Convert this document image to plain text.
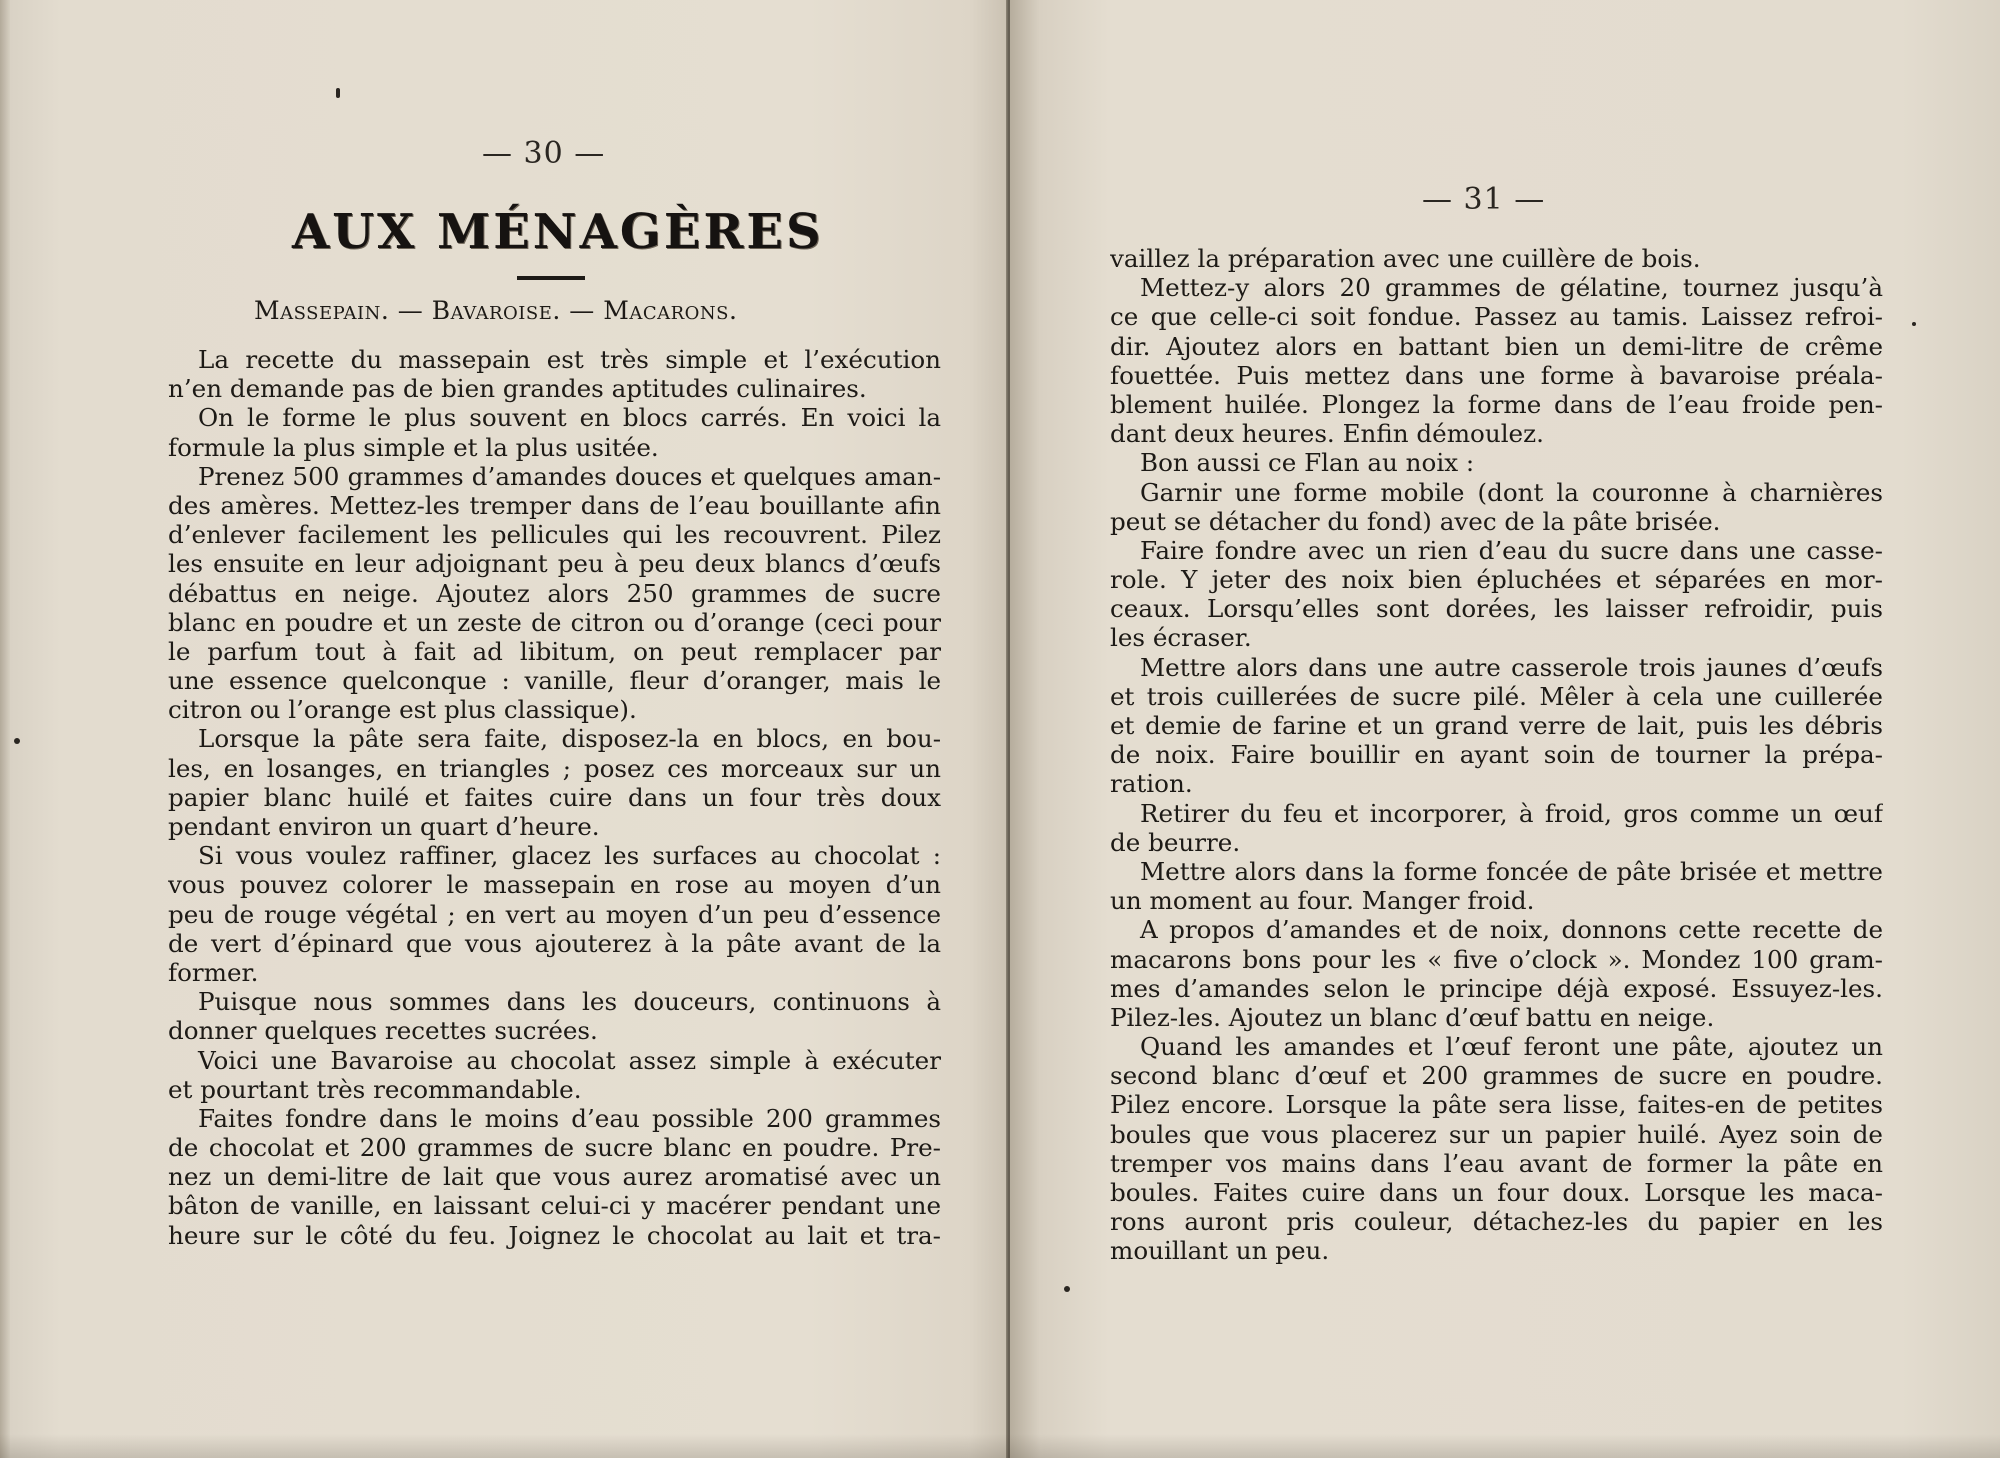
— 30 —
AUX MÉNAGÈRES
Massepain. — Bavaroise. — Macarons.
La recette du massepain est très simple et l’exécution
n’en demande pas de bien grandes aptitudes culinaires.
On le forme le plus souvent en blocs carrés. En voici la
formule la plus simple et la plus usitée.
Prenez 500 grammes d’amandes douces et quelques aman-
des amères. Mettez-les tremper dans de l’eau bouillante afin
d’enlever facilement les pellicules qui les recouvrent. Pilez
les ensuite en leur adjoignant peu à peu deux blancs d’œufs
débattus en neige. Ajoutez alors 250 grammes de sucre
blanc en poudre et un zeste de citron ou d’orange (ceci pour
le parfum tout à fait ad libitum, on peut remplacer par
une essence quelconque : vanille, fleur d’oranger, mais le
citron ou l’orange est plus classique).
Lorsque la pâte sera faite, disposez-la en blocs, en bou-
les, en losanges, en triangles ; posez ces morceaux sur un
papier blanc huilé et faites cuire dans un four très doux
pendant environ un quart d’heure.
Si vous voulez raffiner, glacez les surfaces au chocolat :
vous pouvez colorer le massepain en rose au moyen d’un
peu de rouge végétal ; en vert au moyen d’un peu d’essence
de vert d’épinard que vous ajouterez à la pâte avant de la
former.
Puisque nous sommes dans les douceurs, continuons à
donner quelques recettes sucrées.
Voici une Bavaroise au chocolat assez simple à exécuter
et pourtant très recommandable.
Faites fondre dans le moins d’eau possible 200 grammes
de chocolat et 200 grammes de sucre blanc en poudre. Pre-
nez un demi-litre de lait que vous aurez aromatisé avec un
bâton de vanille, en laissant celui-ci y macérer pendant une
heure sur le côté du feu. Joignez le chocolat au lait et tra-
— 31 —
vaillez la préparation avec une cuillère de bois.
Mettez-y alors 20 grammes de gélatine, tournez jusqu’à
ce que celle-ci soit fondue. Passez au tamis. Laissez refroi-
dir. Ajoutez alors en battant bien un demi-litre de crême
fouettée. Puis mettez dans une forme à bavaroise préala-
blement huilée. Plongez la forme dans de l’eau froide pen-
dant deux heures. Enfin démoulez.
Bon aussi ce Flan au noix :
Garnir une forme mobile (dont la couronne à charnières
peut se détacher du fond) avec de la pâte brisée.
Faire fondre avec un rien d’eau du sucre dans une casse-
role. Y jeter des noix bien épluchées et séparées en mor-
ceaux. Lorsqu’elles sont dorées, les laisser refroidir, puis
les écraser.
Mettre alors dans une autre casserole trois jaunes d’œufs
et trois cuillerées de sucre pilé. Mêler à cela une cuillerée
et demie de farine et un grand verre de lait, puis les débris
de noix. Faire bouillir en ayant soin de tourner la prépa-
ration.
Retirer du feu et incorporer, à froid, gros comme un œuf
de beurre.
Mettre alors dans la forme foncée de pâte brisée et mettre
un moment au four. Manger froid.
A propos d’amandes et de noix, donnons cette recette de
macarons bons pour les « five o’clock ». Mondez 100 gram-
mes d’amandes selon le principe déjà exposé. Essuyez-les.
Pilez-les. Ajoutez un blanc d’œuf battu en neige.
Quand les amandes et l’œuf feront une pâte, ajoutez un
second blanc d’œuf et 200 grammes de sucre en poudre.
Pilez encore. Lorsque la pâte sera lisse, faites-en de petites
boules que vous placerez sur un papier huilé. Ayez soin de
tremper vos mains dans l’eau avant de former la pâte en
boules. Faites cuire dans un four doux. Lorsque les maca-
rons auront pris couleur, détachez-les du papier en les
mouillant un peu.
